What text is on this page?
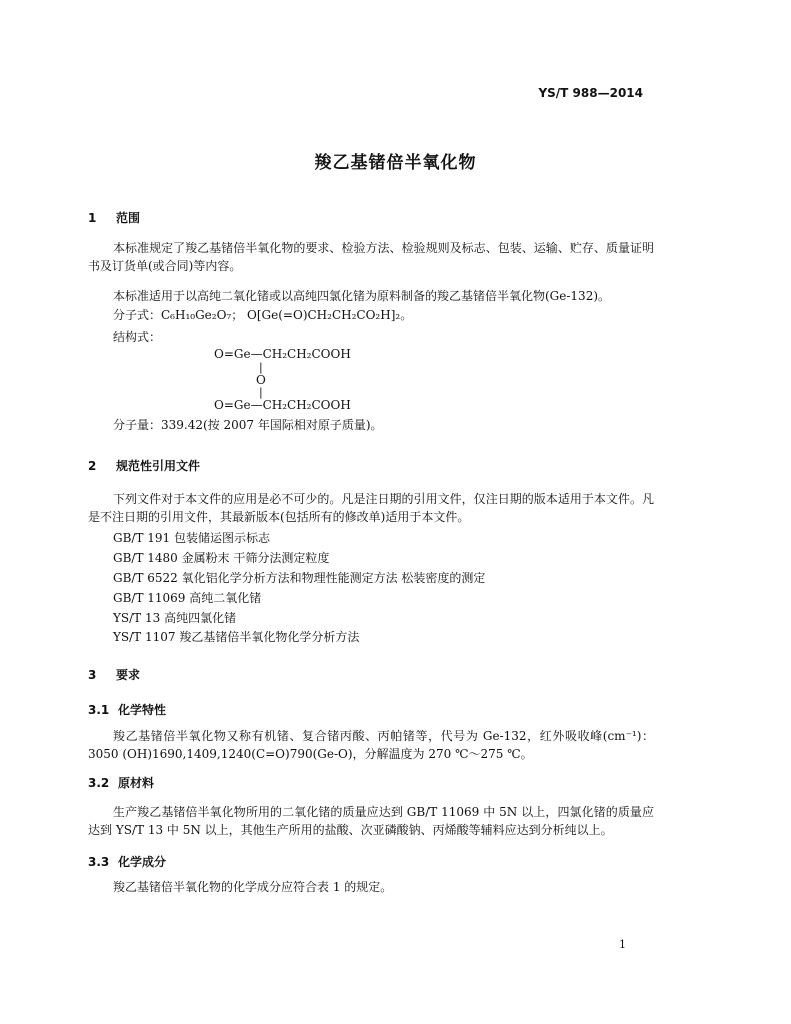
YS/T 988—2014
羧乙基锗倍半氧化物
1 范围
本标准规定了羧乙基锗倍半氧化物的要求、检验方法、检验规则及标志、包装、运输、贮存、质量证明书及订货单(或合同)等内容。
本标准适用于以高纯二氧化锗或以高纯四氯化锗为原料制备的羧乙基锗倍半氧化物(Ge-132)。
分子式：C₆H₁₀Ge₂O₇； O[Ge(=O)CH₂CH₂CO₂H]₂。
结构式：
O=Ge—CH₂CH₂COOH
|
O
|
O=Ge—CH₂CH₂COOH
分子量：339.42(按 2007 年国际相对原子质量)。
2 规范性引用文件
下列文件对于本文件的应用是必不可少的。凡是注日期的引用文件，仅注日期的版本适用于本文件。凡是不注日期的引用文件，其最新版本(包括所有的修改单)适用于本文件。
GB/T 191 包装储运图示标志
GB/T 1480 金属粉末 干筛分法测定粒度
GB/T 6522 氧化铝化学分析方法和物理性能测定方法 松装密度的测定
GB/T 11069 高纯二氧化锗
YS/T 13 高纯四氯化锗
YS/T 1107 羧乙基锗倍半氧化物化学分析方法
3 要求
3.1 化学特性
羧乙基锗倍半氧化物又称有机锗、复合锗丙酸、丙帕锗等，代号为 Ge-132，红外吸收峰(cm⁻¹)：3050 (OH)1690,1409,1240(C=O)790(Ge-O)，分解温度为 270 ℃～275 ℃。
3.2 原材料
生产羧乙基锗倍半氧化物所用的二氧化锗的质量应达到 GB/T 11069 中 5N 以上，四氯化锗的质量应达到 YS/T 13 中 5N 以上，其他生产所用的盐酸、次亚磷酸钠、丙烯酸等辅料应达到分析纯以上。
3.3 化学成分
羧乙基锗倍半氧化物的化学成分应符合表 1 的规定。
1
